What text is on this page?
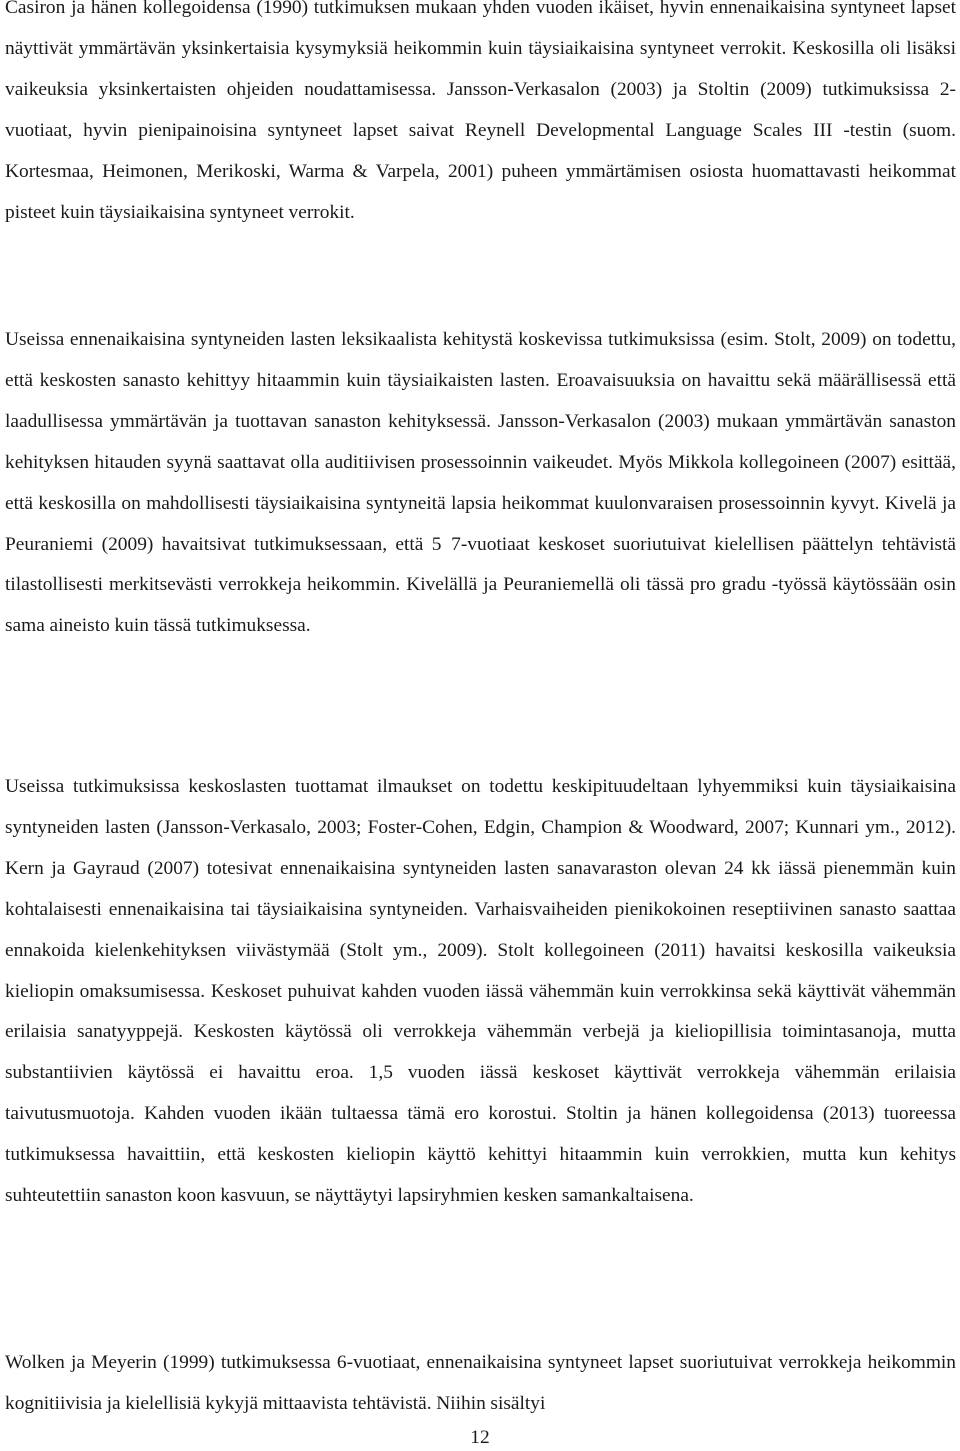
Casiron ja hänen kollegoidensa (1990) tutkimuksen mukaan yhden vuoden ikäiset, hyvin ennenaikaisina syntyneet lapset näyttivät ymmärtävän yksinkertaisia kysymyksiä heikommin kuin täysiaikaisina syntyneet verrokit. Keskosilla oli lisäksi vaikeuksia yksinkertaisten ohjeiden noudattamisessa. Jansson-Verkasalon (2003) ja Stoltin (2009) tutkimuksissa 2-vuotiaat, hyvin pienipainoisina syntyneet lapset saivat Reynell Developmental Language Scales III -testin (suom. Kortesmaa, Heimonen, Merikoski, Warma & Varpela, 2001) puheen ymmärtämisen osiosta huomattavasti heikommat pisteet kuin täysiaikaisina syntyneet verrokit.

Useissa ennenaikaisina syntyneiden lasten leksikaalista kehitystä koskevissa tutkimuksissa (esim. Stolt, 2009) on todettu, että keskosten sanasto kehittyy hitaammin kuin täysiaikaisten lasten. Eroavaisuuksia on havaittu sekä määrällisessä että laadullisessa ymmärtävän ja tuottavan sanaston kehityksessä. Jansson-Verkasalon (2003) mukaan ymmärtävän sanaston kehityksen hitauden syynä saattavat olla auditiivisen prosessoinnin vaikeudet. Myös Mikkola kollegoineen (2007) esittää, että keskosilla on mahdollisesti täysiaikaisina syntyneitä lapsia heikommat kuulonvaraisen prosessoinnin kyvyt. Kivelä ja Peuraniemi (2009) havaitsivat tutkimuksessaan, että 5 7-vuotiaat keskoset suoriutuivat kielellisen päättelyn tehtävistä tilastollisesti merkitsevästi verrokkeja heikommin. Kivelällä ja Peuraniemellä oli tässä pro gradu -työssä käytössään osin sama aineisto kuin tässä tutkimuksessa.

Useissa tutkimuksissa keskoslasten tuottamat ilmaukset on todettu keskipituudeltaan lyhyemmiksi kuin täysiaikaisina syntyneiden lasten (Jansson-Verkasalo, 2003; Foster-Cohen, Edgin, Champion & Woodward, 2007; Kunnari ym., 2012). Kern ja Gayraud (2007) totesivat ennenaikaisina syntyneiden lasten sanavaraston olevan 24 kk iässä pienemmän kuin kohtalaisesti ennenaikaisina tai täysiaikaisina syntyneiden. Varhaisvaiheiden pienikokoinen reseptiivinen sanasto saattaa ennakoida kielenkehityksen viivästymää (Stolt ym., 2009). Stolt kollegoineen (2011) havaitsi keskosilla vaikeuksia kieliopin omaksumisessa. Keskoset puhuivat kahden vuoden iässä vähemmän kuin verrokkinsa sekä käyttivät vähemmän erilaisia sanatyyppejä. Keskosten käytössä oli verrokkeja vähemmän verbejä ja kieliopillisia toimintasanoja, mutta substantiivien käytössä ei havaittu eroa. 1,5 vuoden iässä keskoset käyttivät verrokkeja vähemmän erilaisia taivutusmuotoja. Kahden vuoden ikään tultaessa tämä ero korostui. Stoltin ja hänen kollegoidensa (2013) tuoreessa tutkimuksessa havaittiin, että keskosten kieliopin käyttö kehittyi hitaammin kuin verrokkien, mutta kun kehitys suhteutettiin sanaston koon kasvuun, se näyttäytyi lapsiryhmien kesken samankaltaisena.

Wolken ja Meyerin (1999) tutkimuksessa 6-vuotiaat, ennenaikaisina syntyneet lapset suoriutuivat verrokkeja heikommin kognitiivisia ja kielellisiä kykyjä mittaavista tehtävistä. Niihin sisältyi

12
